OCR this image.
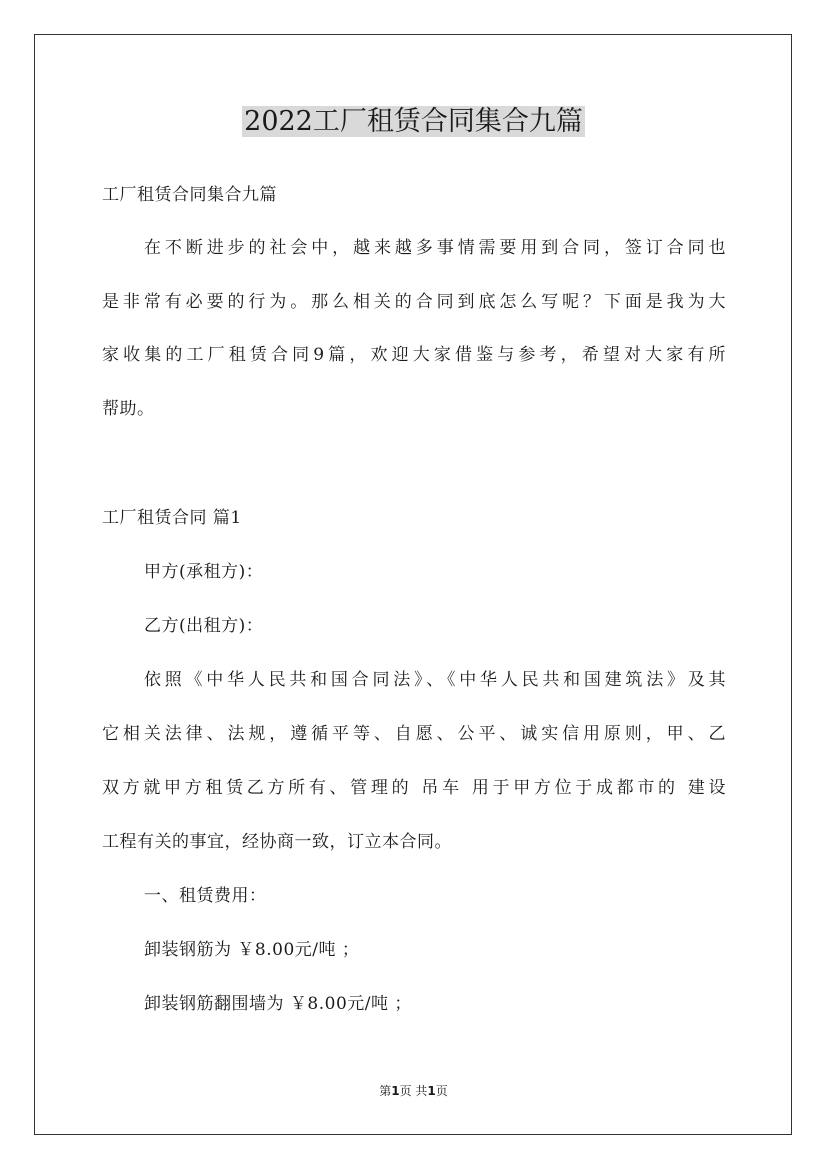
2022工厂租赁合同集合九篇
工厂租赁合同集合九篇
在不断进步的社会中，越来越多事情需要用到合同，签订合同也
是非常有必要的行为。那么相关的合同到底怎么写呢？下面是我为大
家收集的工厂租赁合同9篇，欢迎大家借鉴与参考，希望对大家有所
帮助。
工厂租赁合同 篇1
甲方(承租方)：
乙方(出租方)：
依照《中华人民共和国合同法》、《中华人民共和国建筑法》及其
它相关法律、法规，遵循平等、自愿、公平、诚实信用原则，甲、乙
双方就甲方租赁乙方所有、管理的 吊车 用于甲方位于成都市的 建设
工程有关的事宜，经协商一致，订立本合同。
一、租赁费用：
卸装钢筋为 ￥8.00元/吨 ；
卸装钢筋翻围墙为 ￥8.00元/吨 ；
第1页 共1页
